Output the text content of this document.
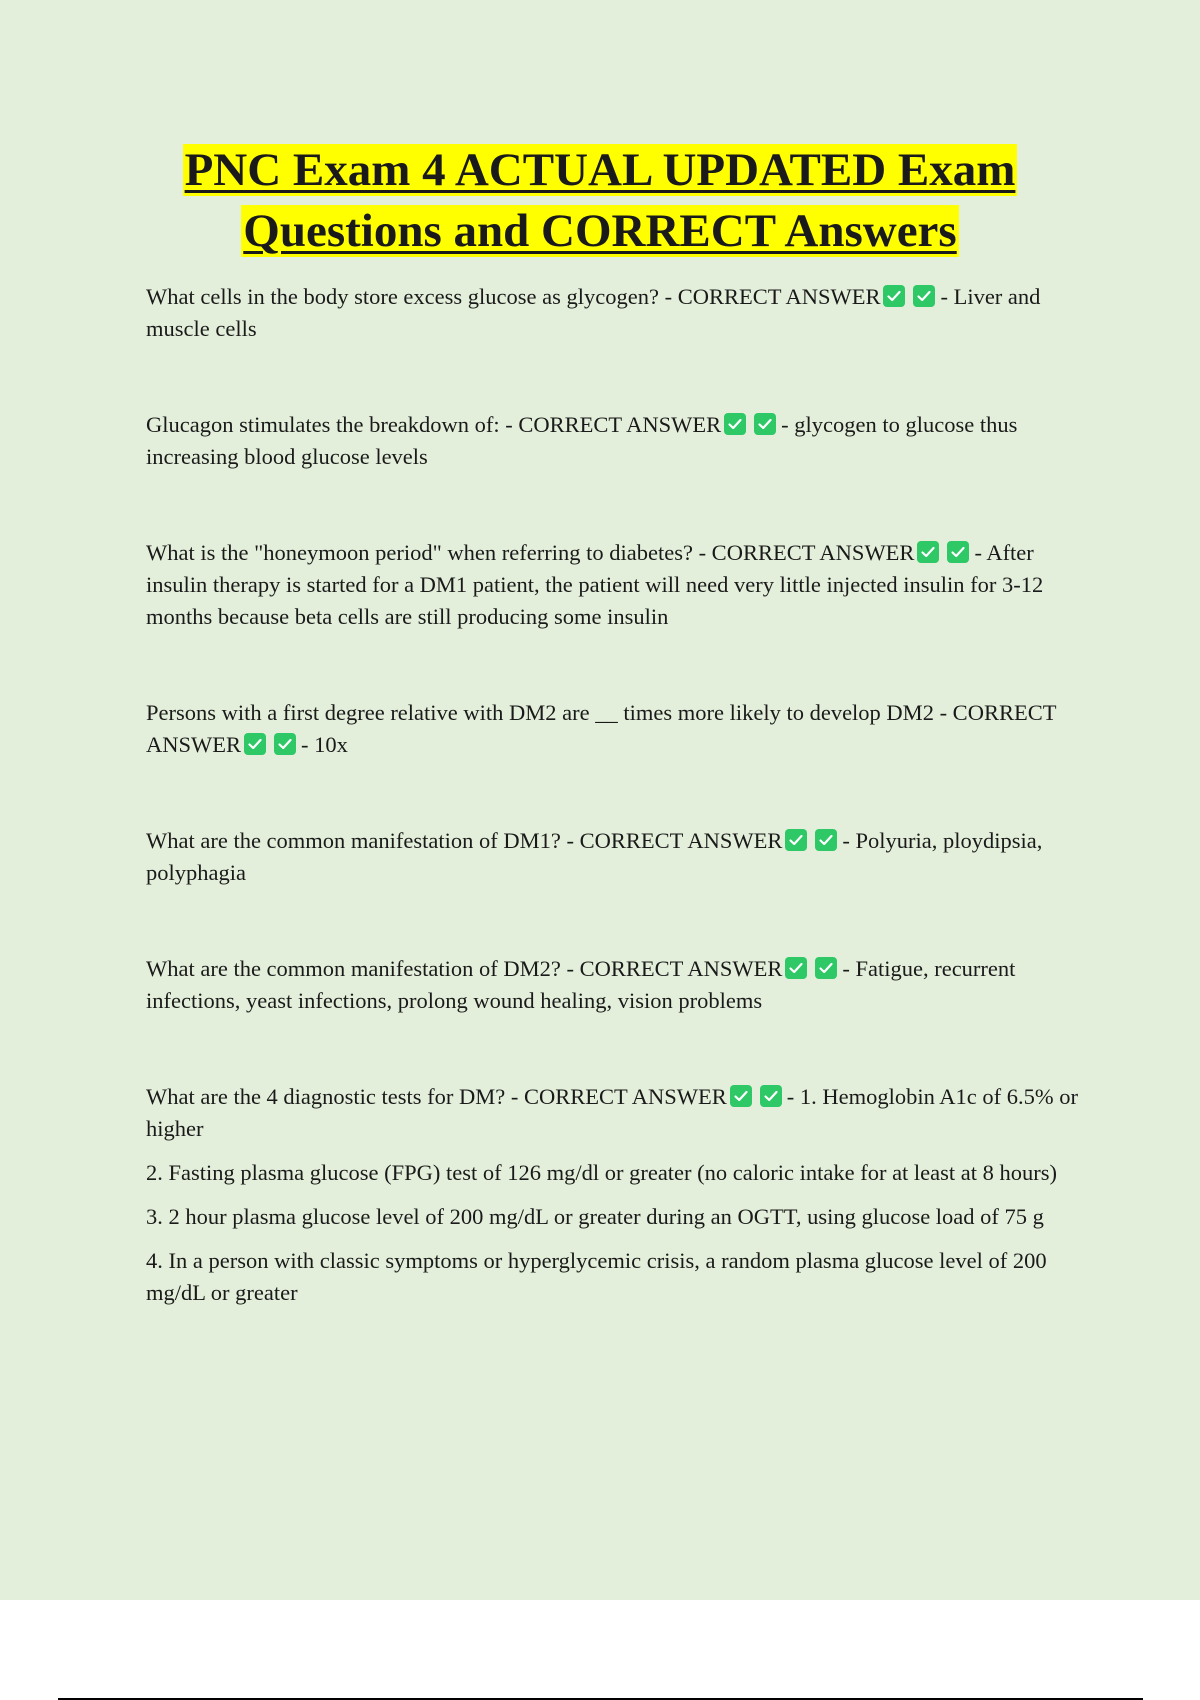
PNC Exam 4 ACTUAL UPDATED Exam
Questions and CORRECT Answers

What cells in the body store excess glucose as glycogen? - CORRECT ANSWER	- Liver and muscle cells

Glucagon stimulates the breakdown of: - CORRECT ANSWER	- glycogen to glucose thus increasing blood glucose levels

What is the "honeymoon period" when referring to diabetes? - CORRECT ANSWER	- After insulin therapy is started for a DM1 patient, the patient will need very little injected insulin for 3-12 months because beta cells are still producing some insulin

Persons with a first degree relative with DM2 are __ times more likely to develop DM2 - CORRECT ANSWER	- 10x

What are the common manifestation of DM1? - CORRECT ANSWER	- Polyuria, ploydipsia, polyphagia

What are the common manifestation of DM2? - CORRECT ANSWER	- Fatigue, recurrent infections, yeast infections, prolong wound healing, vision problems

What are the 4 diagnostic tests for DM? - CORRECT ANSWER	- 1. Hemoglobin A1c of 6.5% or higher

2. Fasting plasma glucose (FPG) test of 126 mg/dl or greater (no caloric intake for at least at 8 hours)

3. 2 hour plasma glucose level of 200 mg/dL or greater during an OGTT, using glucose load of 75 g

4. In a person with classic symptoms or hyperglycemic crisis, a random plasma glucose level of 200 mg/dL or greater
